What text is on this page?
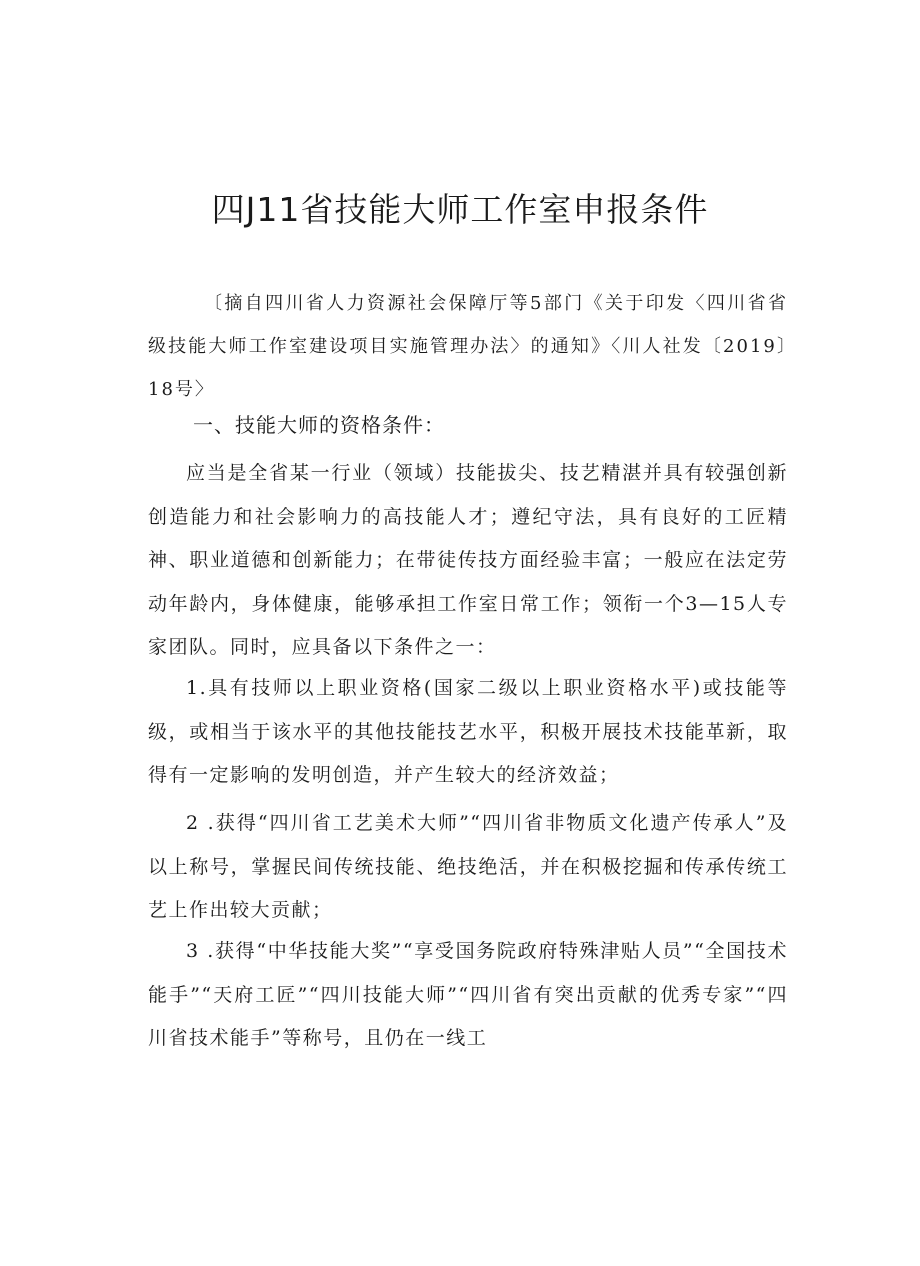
四J11省技能大师工作室申报条件

〔摘自四川省人力资源社会保障厅等5部门《关于印发〈四川省省级技能大师工作室建设项目实施管理办法〉的通知》〈川人社发〔2019〕18号〉

一、技能大师的资格条件：

应当是全省某一行业（领域）技能拔尖、技艺精湛并具有较强创新创造能力和社会影响力的高技能人才；遵纪守法，具有良好的工匠精神、职业道德和创新能力；在带徒传技方面经验丰富；一般应在法定劳动年龄内，身体健康，能够承担工作室日常工作；领衔一个3—15人专家团队。同时，应具备以下条件之一：

1.具有技师以上职业资格(国家二级以上职业资格水平)或技能等级，或相当于该水平的其他技能技艺水平，积极开展技术技能革新，取得有一定影响的发明创造，并产生较大的经济效益；

2 .获得“四川省工艺美术大师”“四川省非物质文化遗产传承人”及以上称号，掌握民间传统技能、绝技绝活，并在积极挖掘和传承传统工艺上作出较大贡献；

3 .获得“中华技能大奖”“享受国务院政府特殊津贴人员”“全国技术能手”“天府工匠”“四川技能大师”“四川省有突出贡献的优秀专家”“四川省技术能手”等称号，且仍在一线工
